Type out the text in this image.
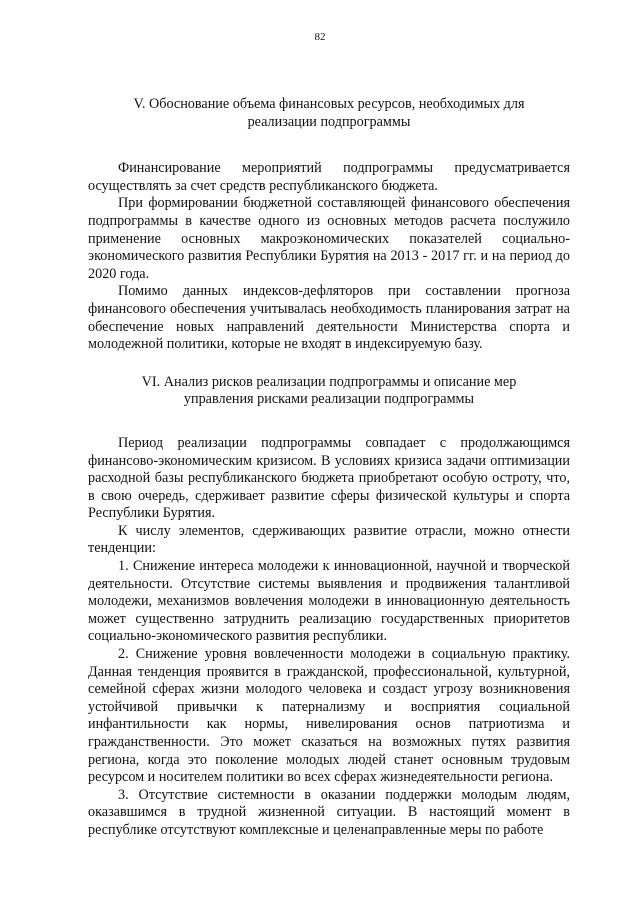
82
V. Обоснование объема финансовых ресурсов, необходимых для
реализации подпрограммы

Финансирование мероприятий подпрограммы предусматривается осуществлять за счет средств республиканского бюджета.

При формировании бюджетной составляющей финансового обеспечения подпрограммы в качестве одного из основных методов расчета послужило применение основных макроэкономических показателей социально-экономического развития Республики Бурятия на 2013 - 2017 гг. и на период до 2020 года.

Помимо данных индексов-дефляторов при составлении прогноза финансового обеспечения учитывалась необходимость планирования затрат на обеспечение новых направлений деятельности Министерства спорта и молодежной политики, которые не входят в индексируемую базу.

VI. Анализ рисков реализации подпрограммы и описание мер
управления рисками реализации подпрограммы

Период реализации подпрограммы совпадает с продолжающимся финансово-экономическим кризисом. В условиях кризиса задачи оптимизации расходной базы республиканского бюджета приобретают особую остроту, что, в свою очередь, сдерживает развитие сферы физической культуры и спорта Республики Бурятия.

К числу элементов, сдерживающих развитие отрасли, можно отнести тенденции:

1. Снижение интереса молодежи к инновационной, научной и творческой деятельности. Отсутствие системы выявления и продвижения талантливой молодежи, механизмов вовлечения молодежи в инновационную деятельность может существенно затруднить реализацию государственных приоритетов социально-экономического развития республики.

2. Снижение уровня вовлеченности молодежи в социальную практику. Данная тенденция проявится в гражданской, профессиональной, культурной, семейной сферах жизни молодого человека и создаст угрозу возникновения устойчивой привычки к патернализму и восприятия социальной инфантильности как нормы, нивелирования основ патриотизма и гражданственности. Это может сказаться на возможных путях развития региона, когда это поколение молодых людей станет основным трудовым ресурсом и носителем политики во всех сферах жизнедеятельности региона.

3. Отсутствие системности в оказании поддержки молодым людям, оказавшимся в трудной жизненной ситуации. В настоящий момент в республике отсутствуют комплексные и целенаправленные меры по работе
